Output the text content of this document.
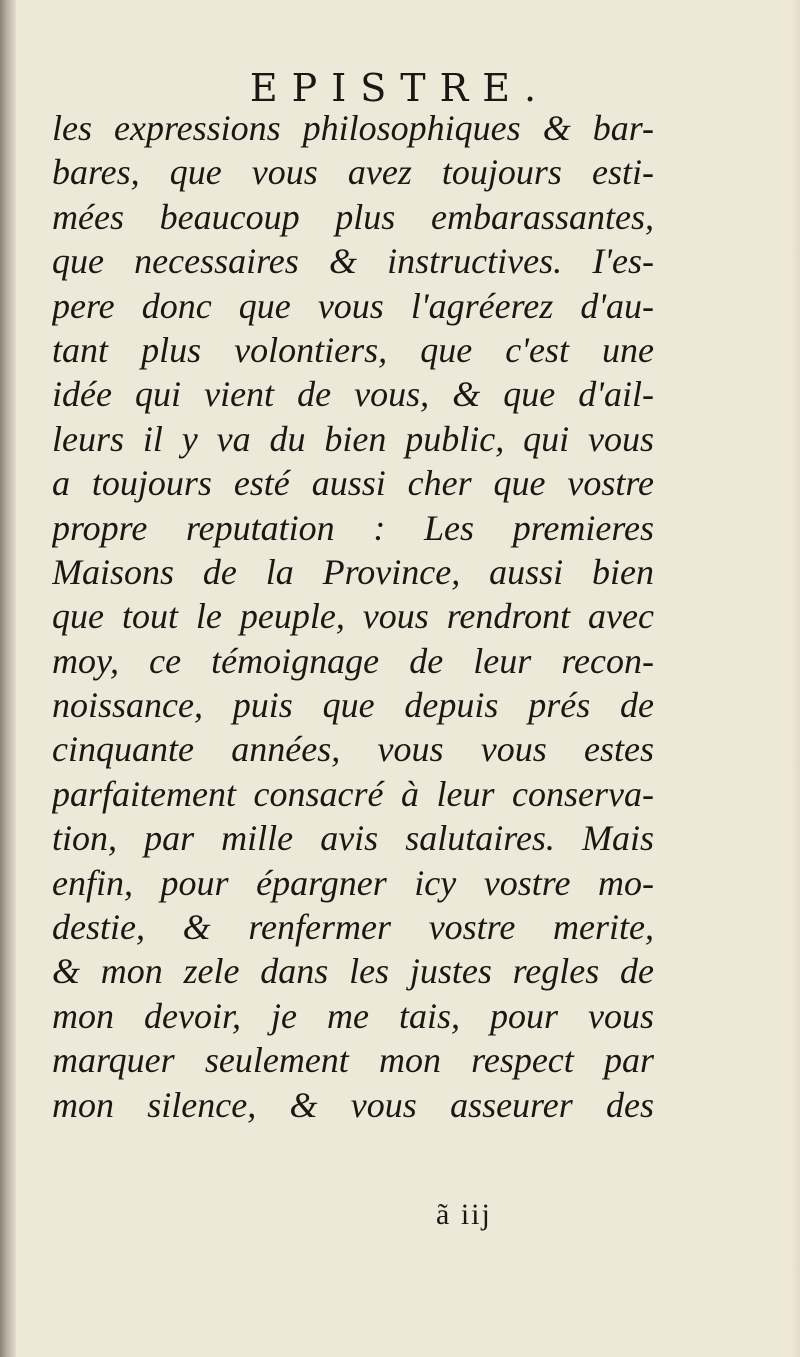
EPISTRE.
les expressions philosophiques & bar-
bares, que vous avez toujours esti-
mées beaucoup plus embarassantes,
que necessaires & instructives. I'es-
pere donc que vous l'agréerez d'au-
tant plus volontiers, que c'est une
idée qui vient de vous, & que d'ail-
leurs il y va du bien public, qui vous
a toujours esté aussi cher que vostre
propre reputation : Les premieres
Maisons de la Province, aussi bien
que tout le peuple, vous rendront avec
moy, ce témoignage de leur recon-
noissance, puis que depuis prés de
cinquante années, vous vous estes
parfaitement consacré à leur conserva-
tion, par mille avis salutaires. Mais
enfin, pour épargner icy vostre mo-
destie, & renfermer vostre merite,
& mon zele dans les justes regles de
mon devoir, je me tais, pour vous
marquer seulement mon respect par
mon silence, & vous asseurer des
ã iij
